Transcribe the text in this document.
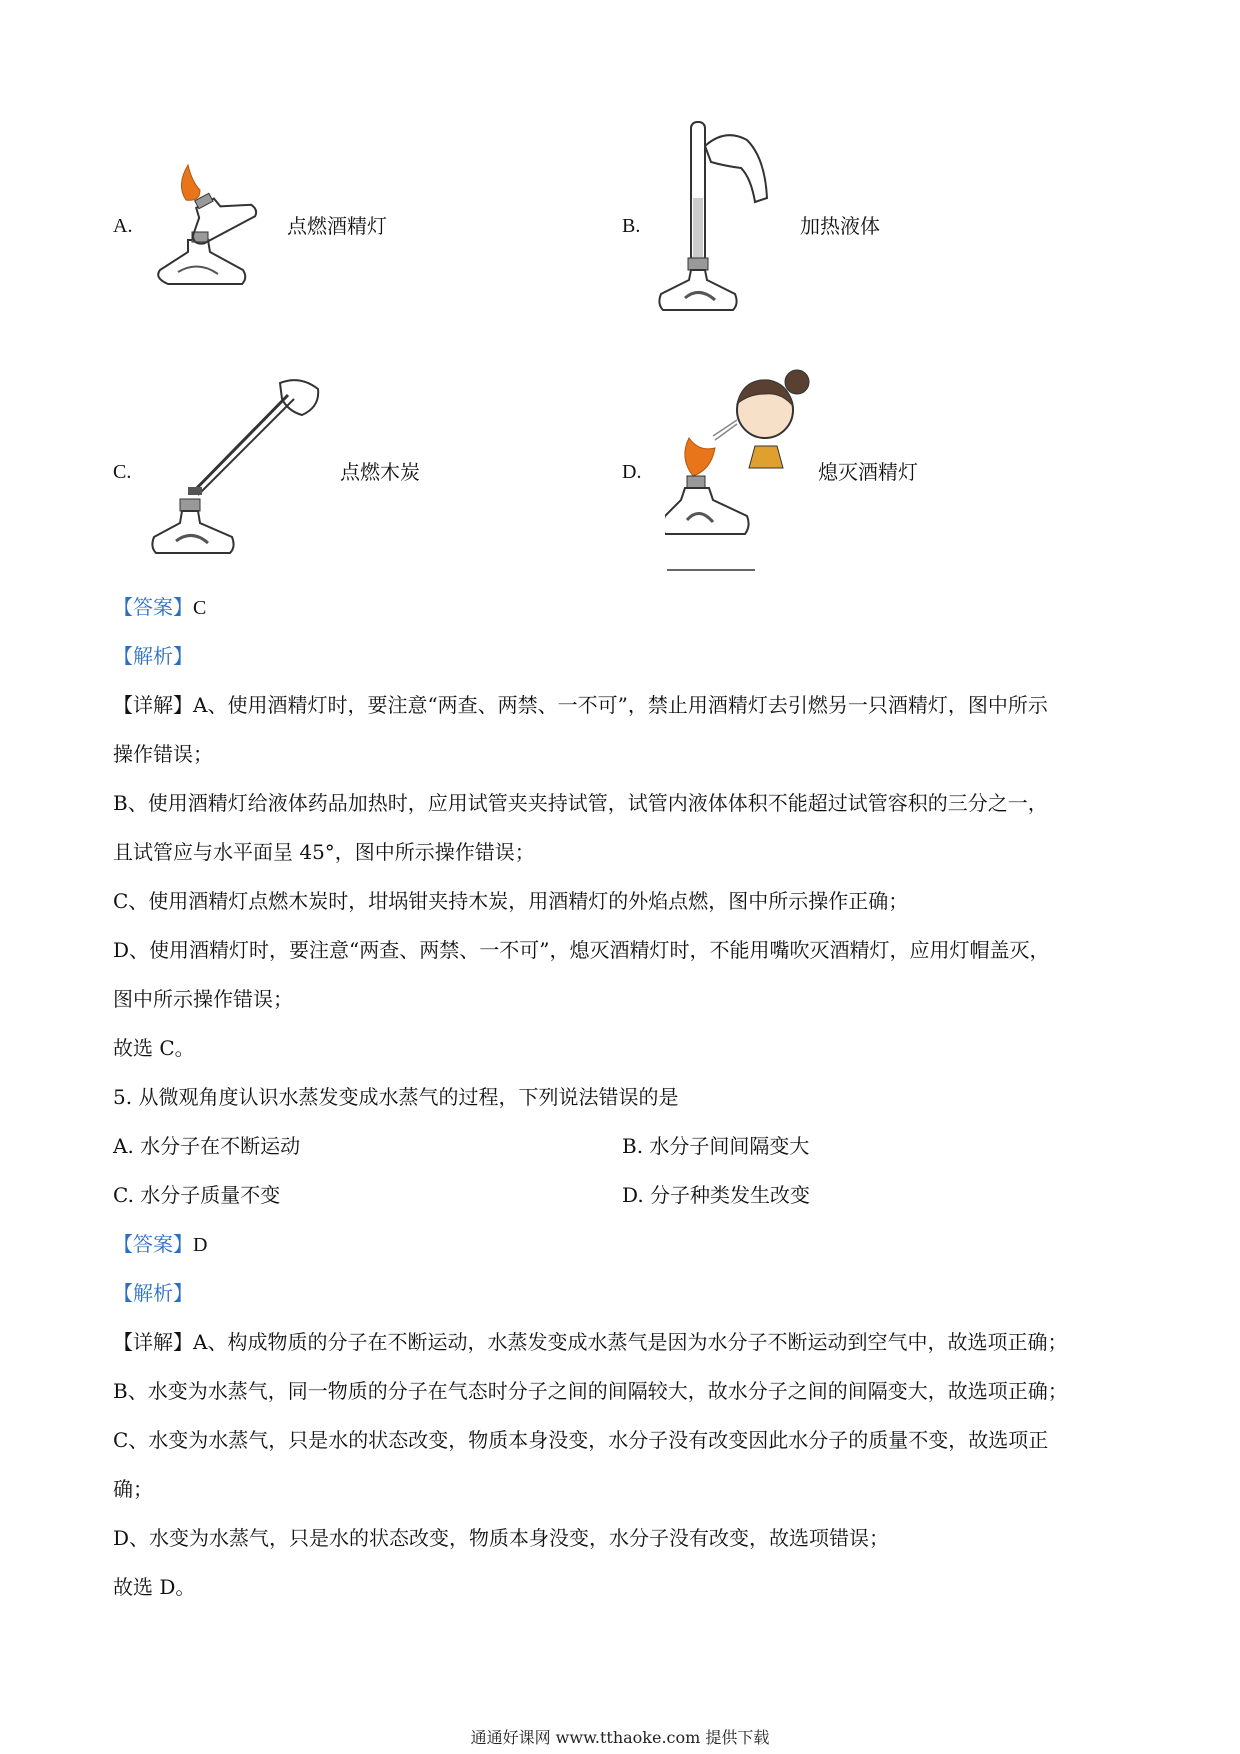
A.	点燃酒精灯	B.	加热液体
C.	点燃木炭	D.	熄灭酒精灯
【答案】C
【解析】
【详解】A、使用酒精灯时，要注意“两查、两禁、一不可”，禁止用酒精灯去引燃另一只酒精灯，图中所示
操作错误；
B、使用酒精灯给液体药品加热时，应用试管夹夹持试管，试管内液体体积不能超过试管容积的三分之一，
且试管应与水平面呈 45°，图中所示操作错误；
C、使用酒精灯点燃木炭时，坩埚钳夹持木炭，用酒精灯的外焰点燃，图中所示操作正确；
D、使用酒精灯时，要注意“两查、两禁、一不可”，熄灭酒精灯时，不能用嘴吹灭酒精灯，应用灯帽盖灭，
图中所示操作错误；
故选 C。
5. 从微观角度认识水蒸发变成水蒸气的过程，下列说法错误的是
A. 水分子在不断运动	B. 水分子间间隔变大
C. 水分子质量不变	D. 分子种类发生改变
【答案】D
【解析】
【详解】A、构成物质的分子在不断运动，水蒸发变成水蒸气是因为水分子不断运动到空气中，故选项正确；
B、水变为水蒸气，同一物质的分子在气态时分子之间的间隔较大，故水分子之间的间隔变大，故选项正确；
C、水变为水蒸气，只是水的状态改变，物质本身没变，水分子没有改变因此水分子的质量不变，故选项正
确；
D、水变为水蒸气，只是水的状态改变，物质本身没变，水分子没有改变，故选项错误；
故选 D。
通通好课网 www.tthaoke.com 提供下载
